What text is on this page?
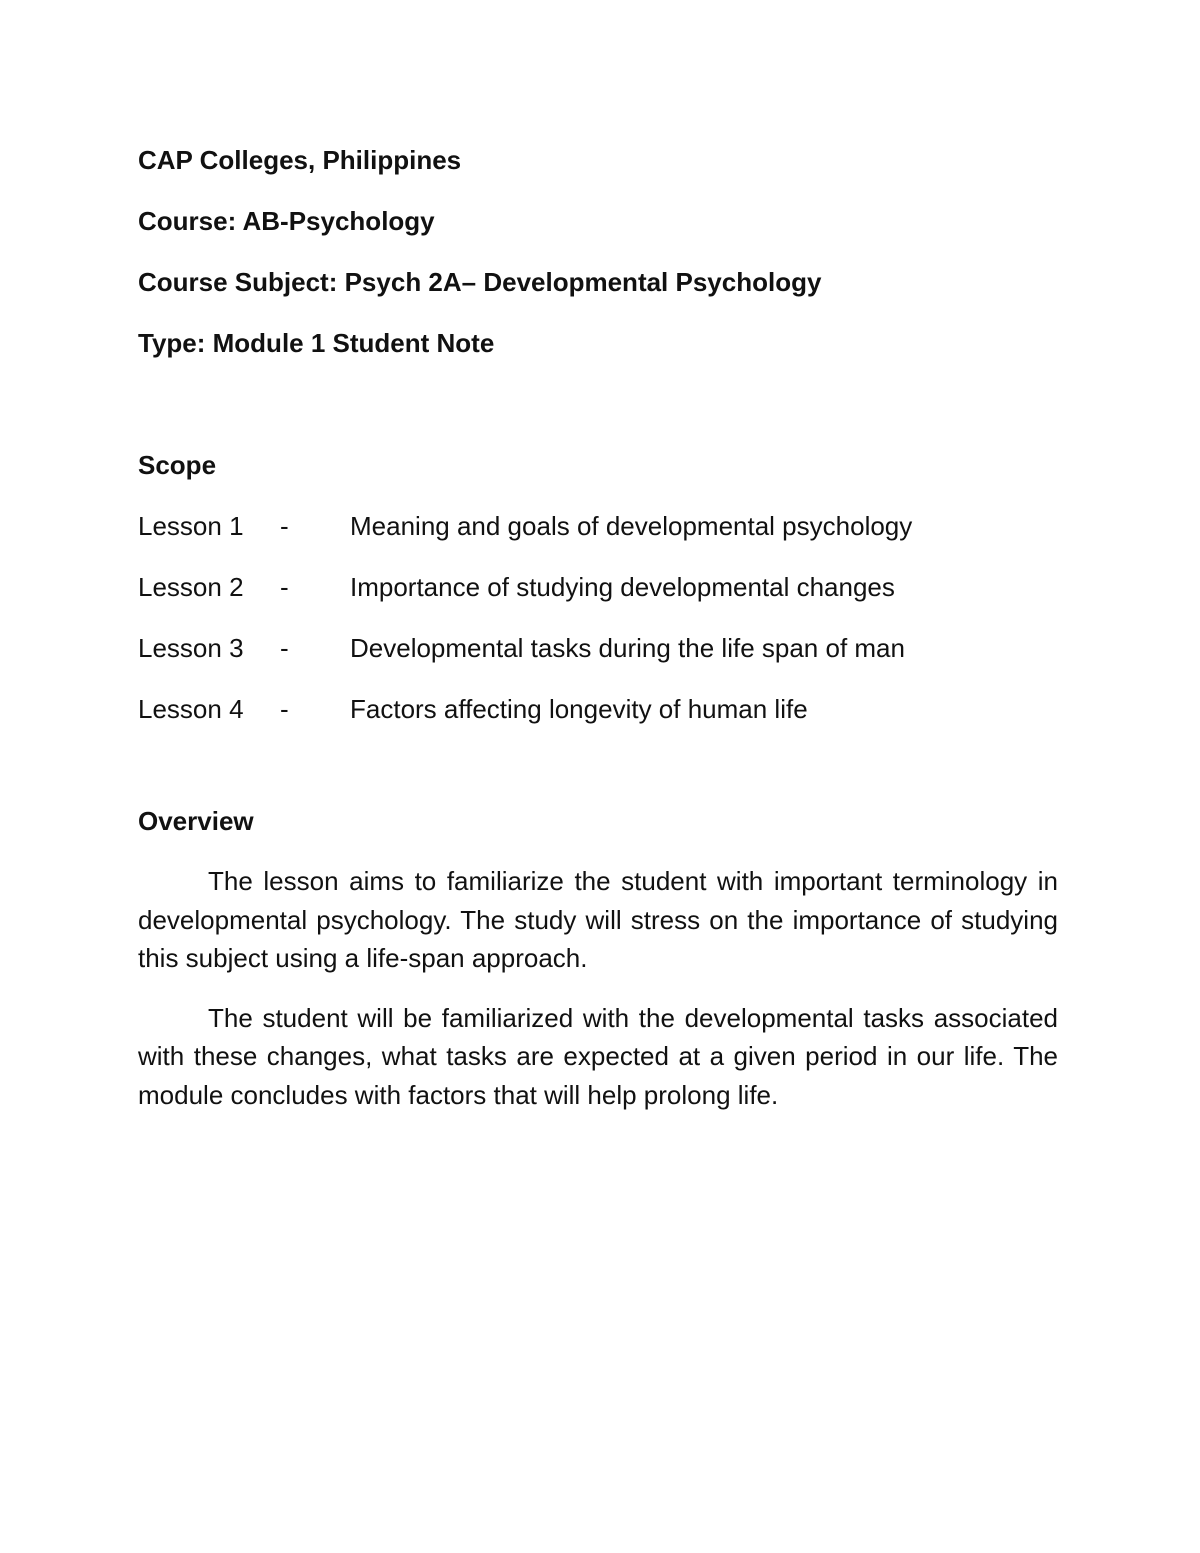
CAP Colleges, Philippines
Course: AB-Psychology
Course Subject: Psych 2A– Developmental Psychology
Type: Module 1 Student Note
Scope
Lesson 1	-	Meaning and goals of developmental psychology
Lesson 2	-	Importance of studying developmental changes
Lesson 3	-	Developmental tasks during the life span of man
Lesson 4	-	Factors affecting longevity of human life
Overview

The lesson aims to familiarize the student with important terminology in developmental psychology. The study will stress on the importance of studying this subject using a life-span approach.

The student will be familiarized with the developmental tasks associated with these changes, what tasks are expected at a given period in our life. The module concludes with factors that will help prolong life.
